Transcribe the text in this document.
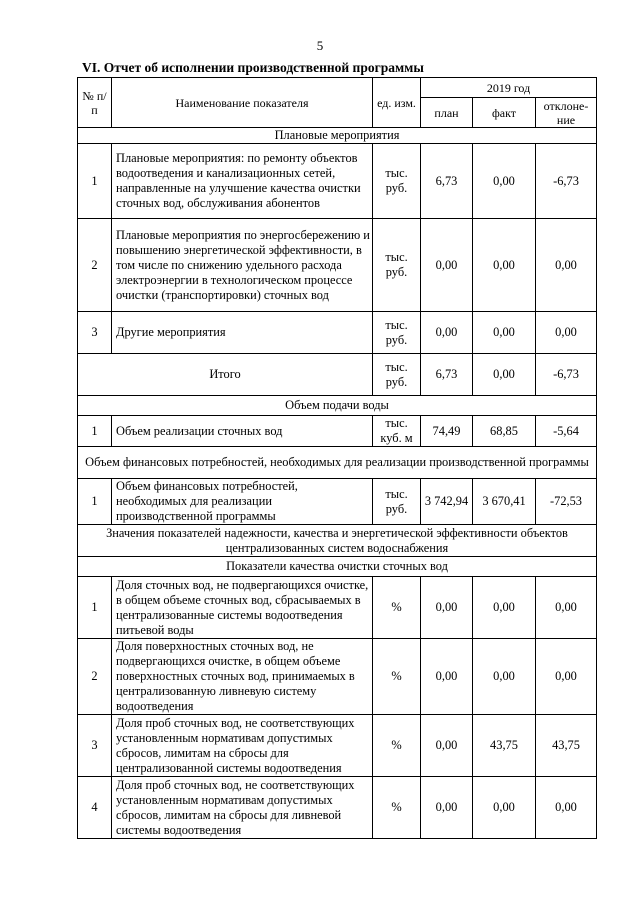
5
VI. Отчет об исполнении производственной программы
№ п/п	Наименование показателя	ед. изм.	2019 год		
			план	факт	отклоне- ние
Плановые мероприятия					
1	Плановые мероприятия: по ремонту объектов водоотведения и канализационных сетей, направленные на улучшение качества очистки сточных вод, обслуживания абонентов	тыс. руб.	6,73	0,00	-6,73
2	Плановые мероприятия по энергосбережению и повышению энергетической эффективности, в том числе по снижению удельного расхода электроэнергии в технологическом процессе очистки (транспортировки) сточных вод	тыс. руб.	0,00	0,00	0,00
3	Другие мероприятия	тыс. руб.	0,00	0,00	0,00
Итого		тыс. руб.	6,73	0,00	-6,73
Объем подачи воды					
1	Объем реализации сточных вод	тыс. куб. м	74,49	68,85	-5,64
Объем финансовых потребностей, необходимых для реализации производственной программы					
1	Объем финансовых потребностей, необходимых для реализации производственной программы	тыс. руб.	3 742,94	3 670,41	-72,53
Значения показателей надежности, качества и энергетической эффективности объектов централизованных систем водоснабжения					
Показатели качества очистки сточных вод					
1	Доля сточных вод, не подвергающихся очистке, в общем объеме сточных вод, сбрасываемых в централизованные системы водоотведения питьевой воды	%	0,00	0,00	0,00
2	Доля поверхностных сточных вод, не подвергающихся очистке, в общем объеме поверхностных сточных вод, принимаемых в централизованную ливневую систему водоотведения	%	0,00	0,00	0,00
3	Доля проб сточных вод, не соответствующих установленным нормативам допустимых сбросов, лимитам на сбросы для централизованной системы водоотведения	%	0,00	43,75	43,75
4	Доля проб сточных вод, не соответствующих установленным нормативам допустимых сбросов, лимитам на сбросы для ливневой системы водоотведения	%	0,00	0,00	0,00
